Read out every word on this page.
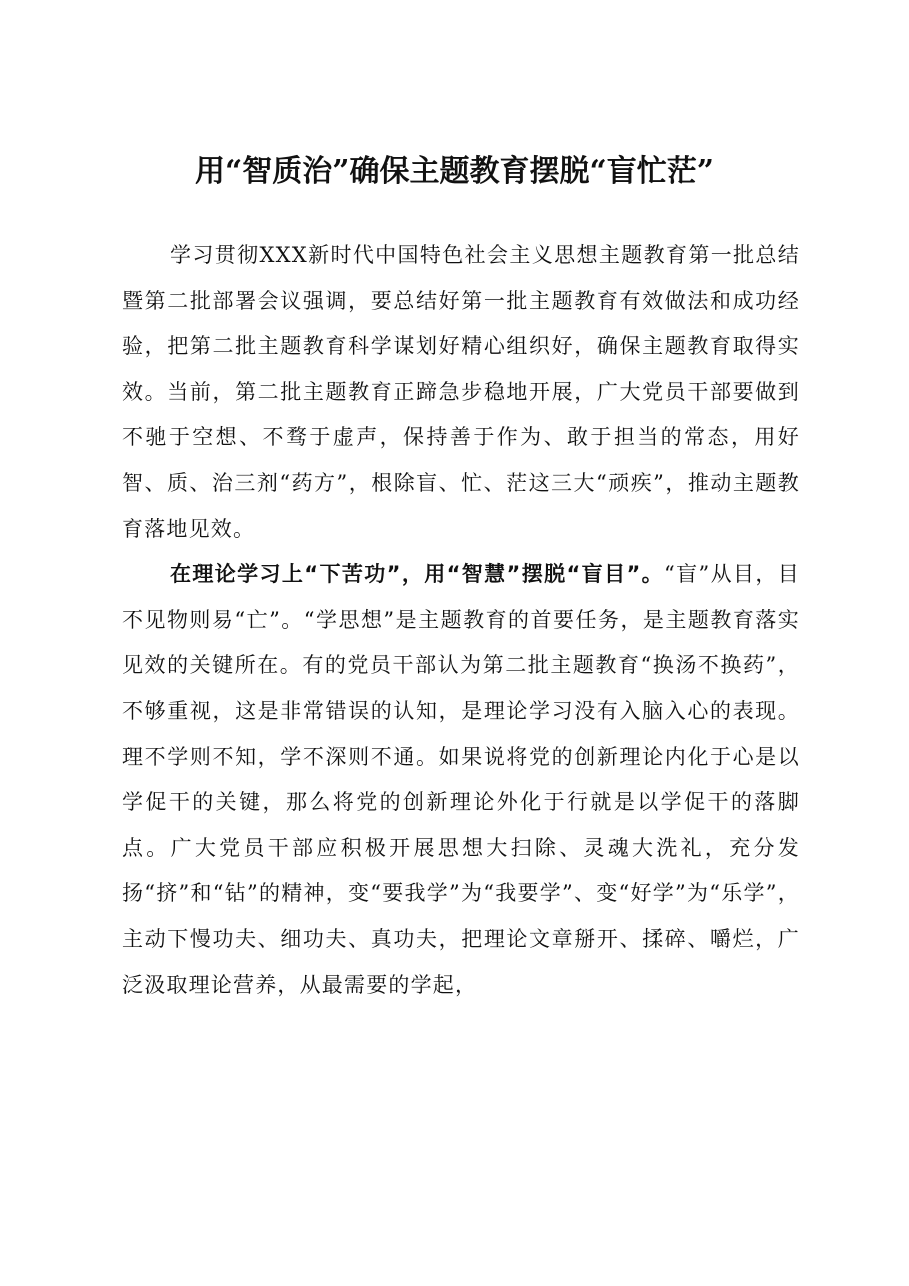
用“智质治”确保主题教育摆脱“盲忙茫”

学习贯彻XXX新时代中国特色社会主义思想主题教育第一批总结暨第二批部署会议强调，要总结好第一批主题教育有效做法和成功经验，把第二批主题教育科学谋划好精心组织好，确保主题教育取得实效。当前，第二批主题教育正蹄急步稳地开展，广大党员干部要做到不驰于空想、不骛于虚声，保持善于作为、敢于担当的常态，用好智、质、治三剂“药方”，根除盲、忙、茫这三大“顽疾”，推动主题教育落地见效。

在理论学习上“下苦功”，用“智慧”摆脱“盲目”。“盲”从目，目不见物则易“亡”。“学思想”是主题教育的首要任务，是主题教育落实见效的关键所在。有的党员干部认为第二批主题教育“换汤不换药”，不够重视，这是非常错误的认知，是理论学习没有入脑入心的表现。理不学则不知，学不深则不通。如果说将党的创新理论内化于心是以学促干的关键，那么将党的创新理论外化于行就是以学促干的落脚点。广大党员干部应积极开展思想大扫除、灵魂大洗礼，充分发扬“挤”和“钻”的精神，变“要我学”为“我要学”、变“好学”为“乐学”，主动下慢功夫、细功夫、真功夫，把理论文章掰开、揉碎、嚼烂，广泛汲取理论营养，从最需要的学起，
